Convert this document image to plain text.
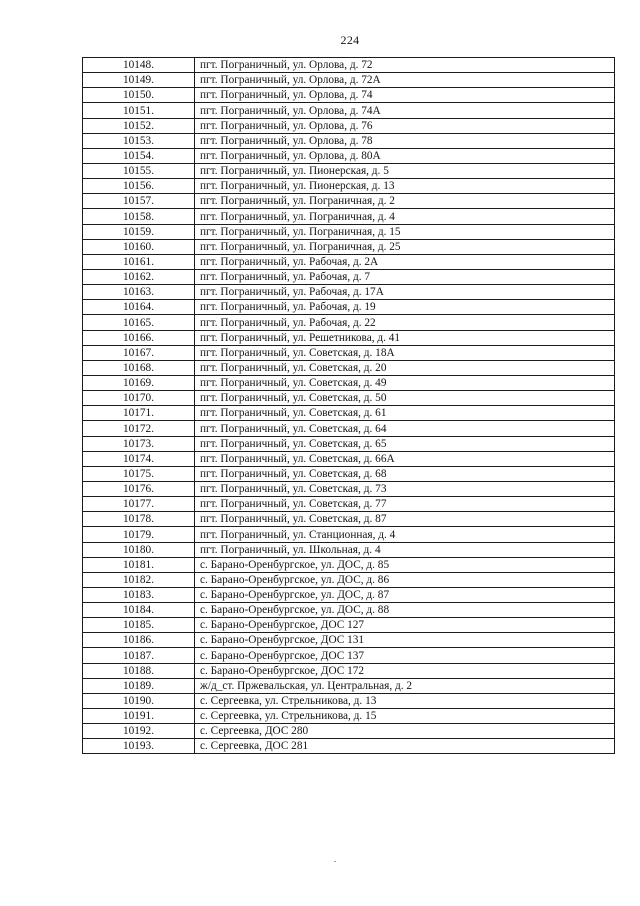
224
10148.	пгт. Пограничный, ул. Орлова, д. 72
10149.	пгт. Пограничный, ул. Орлова, д. 72А
10150.	пгт. Пограничный, ул. Орлова, д. 74
10151.	пгт. Пограничный, ул. Орлова, д. 74А
10152.	пгт. Пограничный, ул. Орлова, д. 76
10153.	пгт. Пограничный, ул. Орлова, д. 78
10154.	пгт. Пограничный, ул. Орлова, д. 80А
10155.	пгт. Пограничный, ул. Пионерская, д. 5
10156.	пгт. Пограничный, ул. Пионерская, д. 13
10157.	пгт. Пограничный, ул. Пограничная, д. 2
10158.	пгт. Пограничный, ул. Пограничная, д. 4
10159.	пгт. Пограничный, ул. Пограничная, д. 15
10160.	пгт. Пограничный, ул. Пограничная, д. 25
10161.	пгт. Пограничный, ул. Рабочая, д. 2А
10162.	пгт. Пограничный, ул. Рабочая, д. 7
10163.	пгт. Пограничный, ул. Рабочая, д. 17А
10164.	пгт. Пограничный, ул. Рабочая, д. 19
10165.	пгт. Пограничный, ул. Рабочая, д. 22
10166.	пгт. Пограничный, ул. Решетникова, д. 41
10167.	пгт. Пограничный, ул. Советская, д. 18А
10168.	пгт. Пограничный, ул. Советская, д. 20
10169.	пгт. Пограничный, ул. Советская, д. 49
10170.	пгт. Пограничный, ул. Советская, д. 50
10171.	пгт. Пограничный, ул. Советская, д. 61
10172.	пгт. Пограничный, ул. Советская, д. 64
10173.	пгт. Пограничный, ул. Советская, д. 65
10174.	пгт. Пограничный, ул. Советская, д. 66А
10175.	пгт. Пограничный, ул. Советская, д. 68
10176.	пгт. Пограничный, ул. Советская, д. 73
10177.	пгт. Пограничный, ул. Советская, д. 77
10178.	пгт. Пограничный, ул. Советская, д. 87
10179.	пгт. Пограничный, ул. Станционная, д. 4
10180.	пгт. Пограничный, ул. Школьная, д. 4
10181.	с. Барано-Оренбургское, ул. ДОС, д. 85
10182.	с. Барано-Оренбургское, ул. ДОС, д. 86
10183.	с. Барано-Оренбургское, ул. ДОС, д. 87
10184.	с. Барано-Оренбургское, ул. ДОС, д. 88
10185.	с. Барано-Оренбургское, ДОС 127
10186.	с. Барано-Оренбургское, ДОС 131
10187.	с. Барано-Оренбургское, ДОС 137
10188.	с. Барано-Оренбургское, ДОС 172
10189.	ж/д_ст. Пржевальская, ул. Центральная, д. 2
10190.	с. Сергеевка, ул. Стрельникова, д. 13
10191.	с. Сергеевка, ул. Стрельникова, д. 15
10192.	с. Сергеевка, ДОС 280
10193.	с. Сергеевка, ДОС 281
